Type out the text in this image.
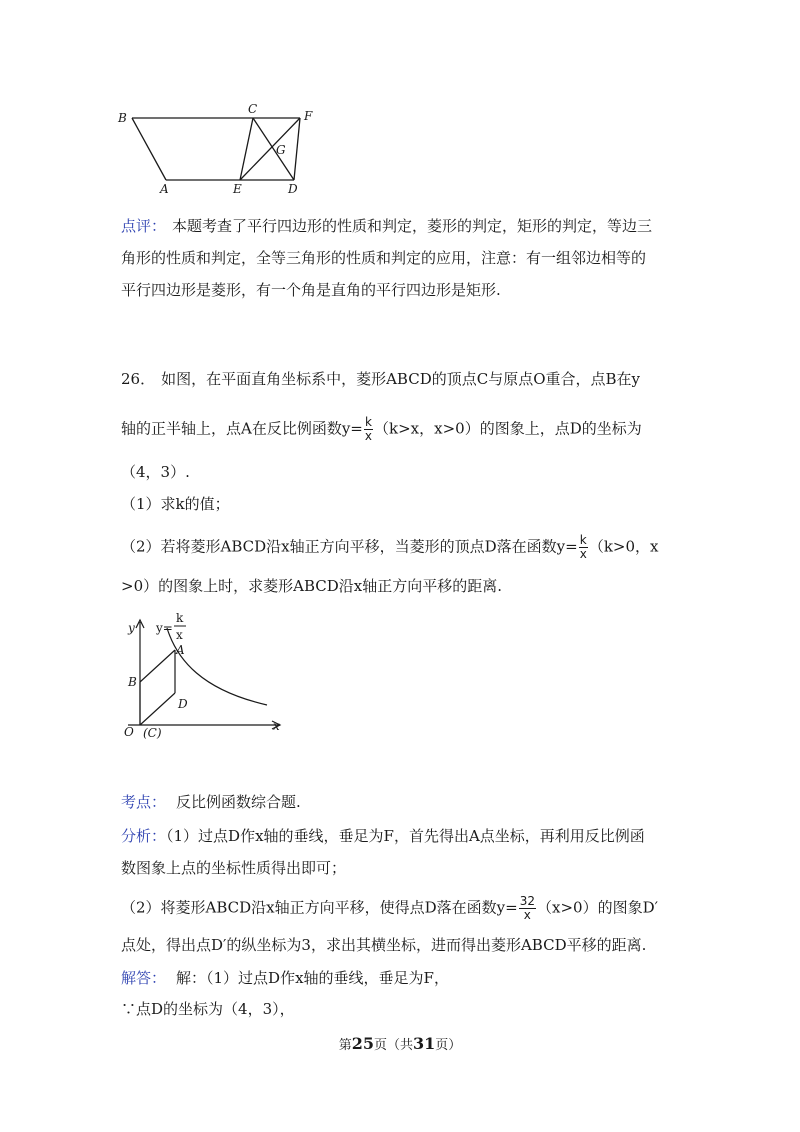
B
A
C	F
G
E	D
点评： 本题考查了平行四边形的性质和判定，菱形的判定，矩形的判定，等边三
角形的性质和判定，全等三角形的性质和判定的应用，注意：有一组邻边相等的
平行四边形是菱形，有一个角是直角的平行四边形是矩形.
26． 如图，在平面直角坐标系中，菱形ABCD的顶点C与原点O重合，点B在y
轴的正半轴上，点A在反比例函数$y= \frac{k}{x} (k>x$，x>0）的图象上，点D的坐标为
（4，3）.
（1）求k的值；
（2）若将菱形ABCD沿x轴正方向平移，当菱形的顶点D落在函数$y= \frac{k}{x} (k>0$，x
>0）的图象上时，求菱形ABCD沿x轴正方向平移的距离.
y
x
y=
k
x
A
B
D
O (C)
考点： 反比例函数综合题.
分析：（1）过点D作x轴的垂线，垂足为F，首先得出A点坐标，再利用反比例函
数图象上点的坐标性质得出即可；
（2）将菱形ABCD沿x轴正方向平移，使得点D落在函数$y= \frac{32}{x} (x>0)$的图象D′
点处，得出点D′的纵坐标为3，求出其横坐标，进而得出菱形ABCD平移的距离.
解答： 解：（1）过点D作x轴的垂线，垂足为F，
∵点D的坐标为（4，3），
第25页（共31页）
